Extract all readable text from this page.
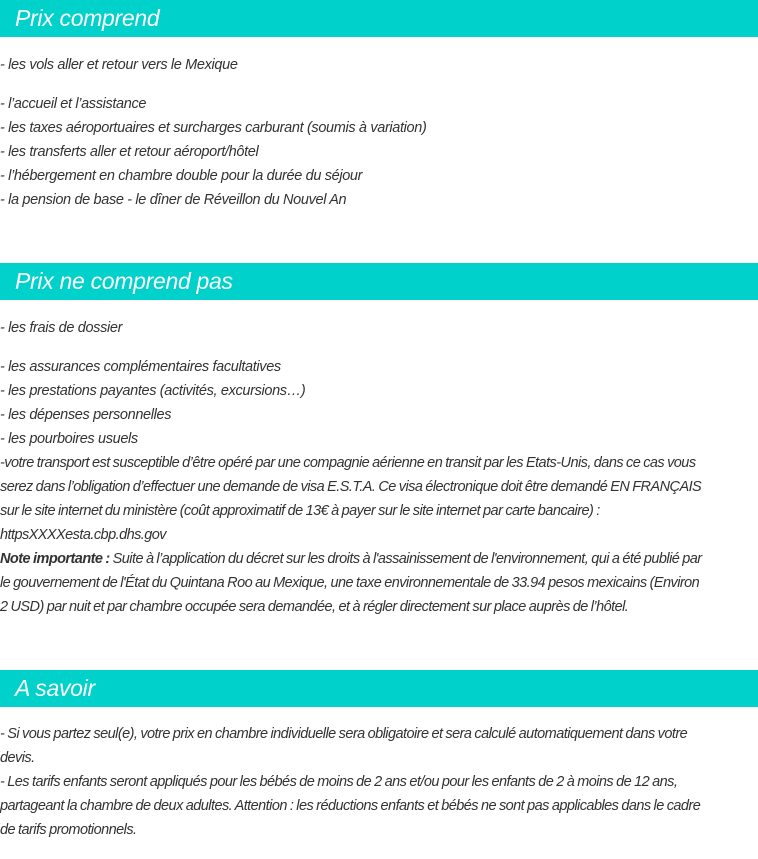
Prix comprend
- les vols aller et retour vers le Mexique
- l’accueil et l’assistance
- les taxes aéroportuaires et surcharges carburant (soumis à variation)
- les transferts aller et retour aéroport/hôtel
- l’hébergement en chambre double pour la durée du séjour
- la pension de base - le dîner de Réveillon du Nouvel An
Prix ne comprend pas
- les frais de dossier
- les assurances complémentaires facultatives
- les prestations payantes (activités, excursions…)
- les dépenses personnelles
- les pourboires usuels
-votre transport est susceptible d’être opéré par une compagnie aérienne en transit par les Etats-Unis, dans ce cas vous
serez dans l’obligation d’effectuer une demande de visa E.S.T.A. Ce visa électronique doit être demandé EN FRANÇAIS
sur le site internet du ministère (coût approximatif de 13€ à payer sur le site internet par carte bancaire) :
httpsXXXXesta.cbp.dhs.gov
Note importante : Suite à l’application du décret sur les droits à l'assainissement de l'environnement, qui a été publié par
le gouvernement de l'État du Quintana Roo au Mexique, une taxe environnementale de 33.94 pesos mexicains (Environ
2 USD) par nuit et par chambre occupée sera demandée, et à régler directement sur place auprès de l’hôtel.
A savoir
- Si vous partez seul(e), votre prix en chambre individuelle sera obligatoire et sera calculé automatiquement dans votre
devis.
- Les tarifs enfants seront appliqués pour les bébés de moins de 2 ans et/ou pour les enfants de 2 à moins de 12 ans,
partageant la chambre de deux adultes. Attention : les réductions enfants et bébés ne sont pas applicables dans le cadre
de tarifs promotionnels.
